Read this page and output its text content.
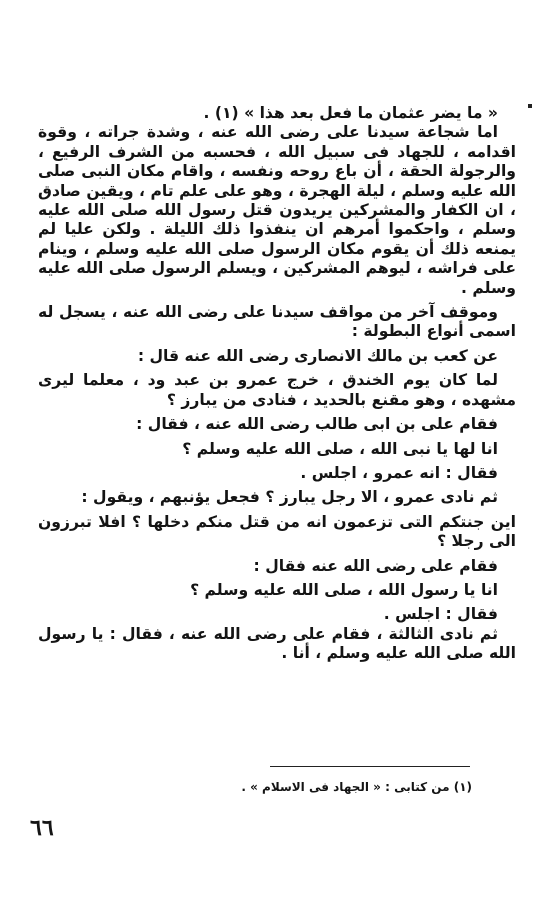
« ما يضر عثمان ما فعل بعد هذا » (١) .

اما شجاعة سيدنا على رضى الله عنه ، وشدة جراته ، وقوة اقدامه ، للجهاد فى سبيل الله ، فحسبه من الشرف الرفيع ، والرجولة الحقة ، أن باع روحه ونفسه ، واقام مكان النبى صلى الله عليه وسلم ، ليلة الهجرة ، وهو على علم تام ، ويقين صادق ، ان الكفار والمشركين يريدون قتل رسول الله صلى الله عليه وسلم ، واحكموا أمرهم ان ينفذوا ذلك الليلة . ولكن عليا لم يمنعه ذلك أن يقوم مكان الرسول صلى الله عليه وسلم ، وينام على فراشه ، ليوهم المشركين ، ويسلم الرسول صلى الله عليه وسلم .

وموقف آخر من مواقف سيدنا على رضى الله عنه ، يسجل له اسمى أنواع البطولة :

عن كعب بن مالك الانصارى رضى الله عنه قال :

لما كان يوم الخندق ، خرج عمرو بن عبد ود ، معلما ليرى مشهده ، وهو مقنع بالحديد ، فنادى من يبارز ؟

فقام على بن ابى طالب رضى الله عنه ، فقال :

انا لها يا نبى الله ، صلى الله عليه وسلم ؟

فقال : انه عمرو ، اجلس .

ثم نادى عمرو ، الا رجل يبارز ؟ فجعل يؤنبهم ، ويقول :

اين جنتكم التى تزعمون انه من قتل منكم دخلها ؟ افلا تبرزون الى رجلا ؟

فقام على رضى الله عنه فقال :

انا يا رسول الله ، صلى الله عليه وسلم ؟

فقال : اجلس .

ثم نادى الثالثة ، فقام على رضى الله عنه ، فقال : يا رسول الله صلى الله عليه وسلم ، أنا .

(١) من كتابى : « الجهاد فى الاسلام » .
٦٦
